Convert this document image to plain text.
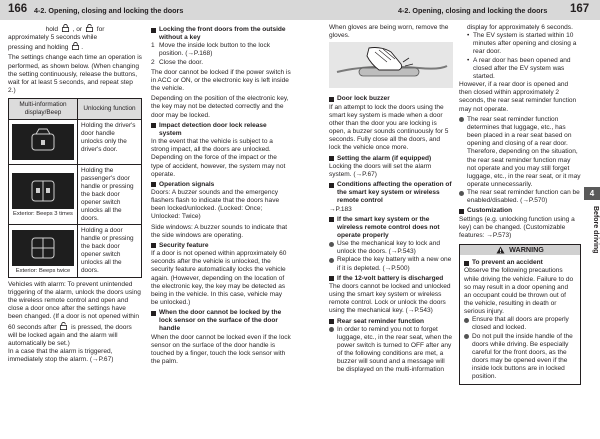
166 4-2. Opening, closing and locking the doors	4-2. Opening, closing and locking the doors 167

hold , or for

approximately 5 seconds while

pressing and holding .

The settings change each time an operation is performed, as shown below. (When changing the setting continuously, release the buttons, wait for at least 5 seconds, and repeat step 2.)

Multi-information display/Beep	Unlocking function

	Holding the driver's door handle unlocks only the driver's door.

Exterior: Beeps 3 times	Holding the passenger's door handle or pressing the back door opener switch unlocks all the doors.

Exterior: Beeps twice	Holding a door handle or pressing the back door opener switch unlocks all the doors.

Vehicles with alarm: To prevent unintended triggering of the alarm, unlock the doors using the wireless remote control and open and close a door once after the settings have been changed. (If a door is not opened within 60 seconds after is pressed, the doors will be locked again and the alarm will automatically be set.)

In a case that the alarm is triggered, immediately stop the alarm. (→P.67)

Locking the front doors from the outside without a key
1 Move the inside lock button to the lock position. (→P.168)
2 Close the door.

The door cannot be locked if the power switch is in ACC or ON, or the electronic key is left inside the vehicle.

Depending on the position of the electronic key, the key may not be detected correctly and the door may be locked.

Impact detection door lock release system

In the event that the vehicle is subject to a strong impact, all the doors are unlocked. Depending on the force of the impact or the type of accident, however, the system may not operate.

Operation signals

Doors: A buzzer sounds and the emergency flashers flash to indicate that the doors have been locked/unlocked. (Locked: Once; Unlocked: Twice)

Side windows: A buzzer sounds to indicate that the side windows are operating.

Security feature

If a door is not opened within approximately 60 seconds after the vehicle is unlocked, the security feature automatically locks the vehicle again. (However, depending on the location of the electronic key, the key may be detected as being in the vehicle. In this case, vehicle may be unlocked.)

When the door cannot be locked by the lock sensor on the surface of the door handle

When the door cannot be locked even if the lock sensor on the surface of the door handle is touched by a finger, touch the lock sensor with the palm.

When gloves are being worn, remove the gloves.

Door lock buzzer

If an attempt to lock the doors using the smart key system is made when a door other than the door you are locking is open, a buzzer sounds continuously for 5 seconds. Fully close all the doors, and lock the vehicle once more.

Setting the alarm (if equipped)

Locking the doors will set the alarm system. (→P.67)

Conditions affecting the operation of the smart key system or wireless remote control

→P.183

If the smart key system or the wireless remote control does not operate properly
Use the mechanical key to lock and unlock the doors. (→P.543)
Replace the key battery with a new one if it is depleted. (→P.500)
If the 12-volt battery is discharged

The doors cannot be locked and unlocked using the smart key system or wireless remote control. Lock or unlock the doors using the mechanical key. (→P.543)

Rear seat reminder function
In order to remind you not to forget luggage, etc., in the rear seat, when the power switch is turned to OFF after any of the following conditions are met, a buzzer will sound and a message will be displayed on the multi-information

display for approximately 6 seconds.

• The EV system is started within 10 minutes after opening and closing a rear door.
• A rear door has been opened and closed after the EV system was started.

However, if a rear door is opened and then closed within approximately 2 seconds, the rear seat reminder function may not operate.

The rear seat reminder function determines that luggage, etc., has been placed in a rear seat based on opening and closing of a rear door. Therefore, depending on the situation, the rear seat reminder function may not operate and you may still forget luggage, etc., in the rear seat, or it may operate unnecessarily.
The rear seat reminder function can be enabled/disabled. (→P.570)
Customization

Settings (e.g. unlocking function using a key) can be changed. (Customizable features: →P.573)

WARNING
To prevent an accident

Observe the following precautions while driving the vehicle. Failure to do so may result in a door opening and an occupant could be thrown out of the vehicle, resulting in death or serious injury.

Ensure that all doors are properly closed and locked.
Do not pull the inside handle of the doors while driving. Be especially careful for the front doors, as the doors may be opened even if the inside lock buttons are in locked position.
4
Before driving
